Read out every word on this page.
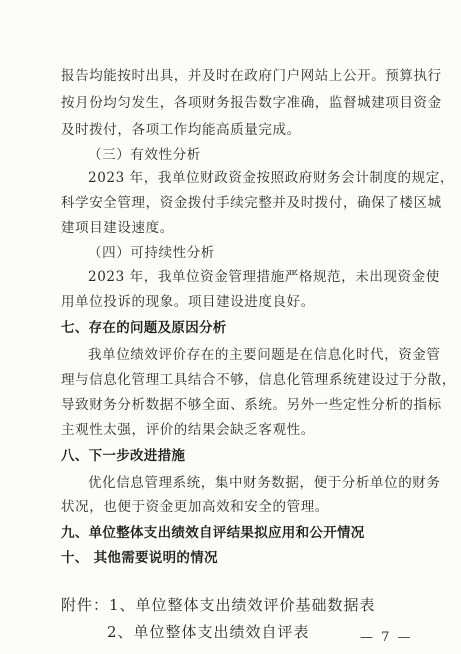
报告均能按时出具，并及时在政府门户网站上公开。预算执行
按月份均匀发生，各项财务报告数字准确，监督城建项目资金
及时拨付，各项工作均能高质量完成。
（三）有效性分析
2023 年，我单位财政资金按照政府财务会计制度的规定，
科学安全管理，资金拨付手续完整并及时拨付，确保了楼区城
建项目建设速度。
（四）可持续性分析
2023 年，我单位资金管理措施严格规范，未出现资金使
用单位投诉的现象。项目建设进度良好。
七、存在的问题及原因分析
我单位绩效评价存在的主要问题是在信息化时代，资金管
理与信息化管理工具结合不够，信息化管理系统建设过于分散，
导致财务分析数据不够全面、系统。另外一些定性分析的指标
主观性太强，评价的结果会缺乏客观性。
八、下一步改进措施
优化信息管理系统，集中财务数据，便于分析单位的财务
状况，也便于资金更加高效和安全的管理。
九、单位整体支出绩效自评结果拟应用和公开情况
十、 其他需要说明的情况
附件：1、单位整体支出绩效评价基础数据表
— 7 —
2、单位整体支出绩效自评表
